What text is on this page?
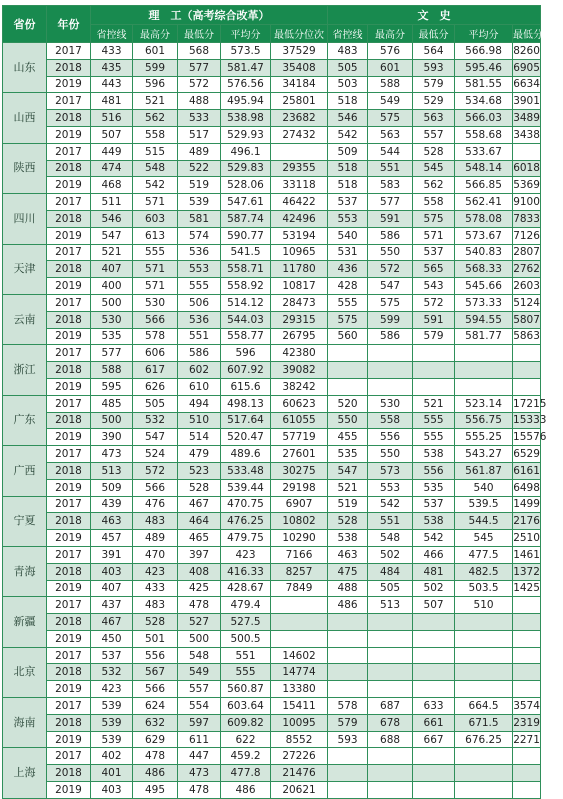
省份	年份	理　工（高考综合改革）					文　史				
		省控线	最高分	最低分	平均分	最低分位次	省控线	最高分	最低分	平均分	最低分位次
山东	2017	433	601	568	573.5	37529	483	576	564	566.98	8260
	2018	435	599	577	581.47	35408	505	601	593	595.46	6905
	2019	443	596	572	576.56	34184	503	588	579	581.55	6634
山西	2017	481	521	488	495.94	25801	518	549	529	534.68	3901
	2018	516	562	533	538.98	23682	546	575	563	566.03	3489
	2019	507	558	517	529.93	27432	542	563	557	558.68	3438
陕西	2017	449	515	489	496.1		509	544	528	533.67	
	2018	474	548	522	529.83	29355	518	551	545	548.14	6018
	2019	468	542	519	528.06	33118	518	583	562	566.85	5369
四川	2017	511	571	539	547.61	46422	537	577	558	562.41	9100
	2018	546	603	581	587.74	42496	553	591	575	578.08	7833
	2019	547	613	574	590.77	53194	540	586	571	573.67	7126
天津	2017	521	555	536	541.5	10965	531	550	537	540.83	2807
	2018	407	571	553	558.71	11780	436	572	565	568.33	2762
	2019	400	571	555	558.92	10817	428	547	543	545.66	2603
云南	2017	500	530	506	514.12	28473	555	575	572	573.33	5124
	2018	530	566	536	544.03	29315	575	599	591	594.55	5807
	2019	535	578	551	558.77	26795	560	586	579	581.77	5863
浙江	2017	577	606	586	596	42380					
	2018	588	617	602	607.92	39082					
	2019	595	626	610	615.6	38242					
广东	2017	485	505	494	498.13	60623	520	530	521	523.14	17215
	2018	500	532	510	517.64	61055	550	558	555	556.75	15333
	2019	390	547	514	520.47	57719	455	556	555	555.25	15576
广西	2017	473	524	479	489.6	27601	535	550	538	543.27	6529
	2018	513	572	523	533.48	30275	547	573	556	561.87	6161
	2019	509	566	528	539.44	29198	521	553	535	540	6498
宁夏	2017	439	476	467	470.75	6907	519	542	537	539.5	1499
	2018	463	483	464	476.25	10802	528	551	538	544.5	2176
	2019	457	489	465	479.75	10290	538	548	542	545	2510
青海	2017	391	470	397	423	7166	463	502	466	477.5	1461
	2018	403	423	408	416.33	8257	475	484	481	482.5	1372
	2019	407	433	425	428.67	7849	488	505	502	503.5	1425
新疆	2017	437	483	478	479.4		486	513	507	510	
	2018	467	528	527	527.5						
	2019	450	501	500	500.5						
北京	2017	537	556	548	551	14602					
	2018	532	567	549	555	14774					
	2019	423	566	557	560.87	13380					
海南	2017	539	624	554	603.64	15411	578	687	633	664.5	3574
	2018	539	632	597	609.82	10095	579	678	661	671.5	2319
	2019	539	629	611	622	8552	593	688	667	676.25	2271
上海	2017	402	478	447	459.2	27226					
	2018	401	486	473	477.8	21476					
	2019	403	495	478	486	20621					
